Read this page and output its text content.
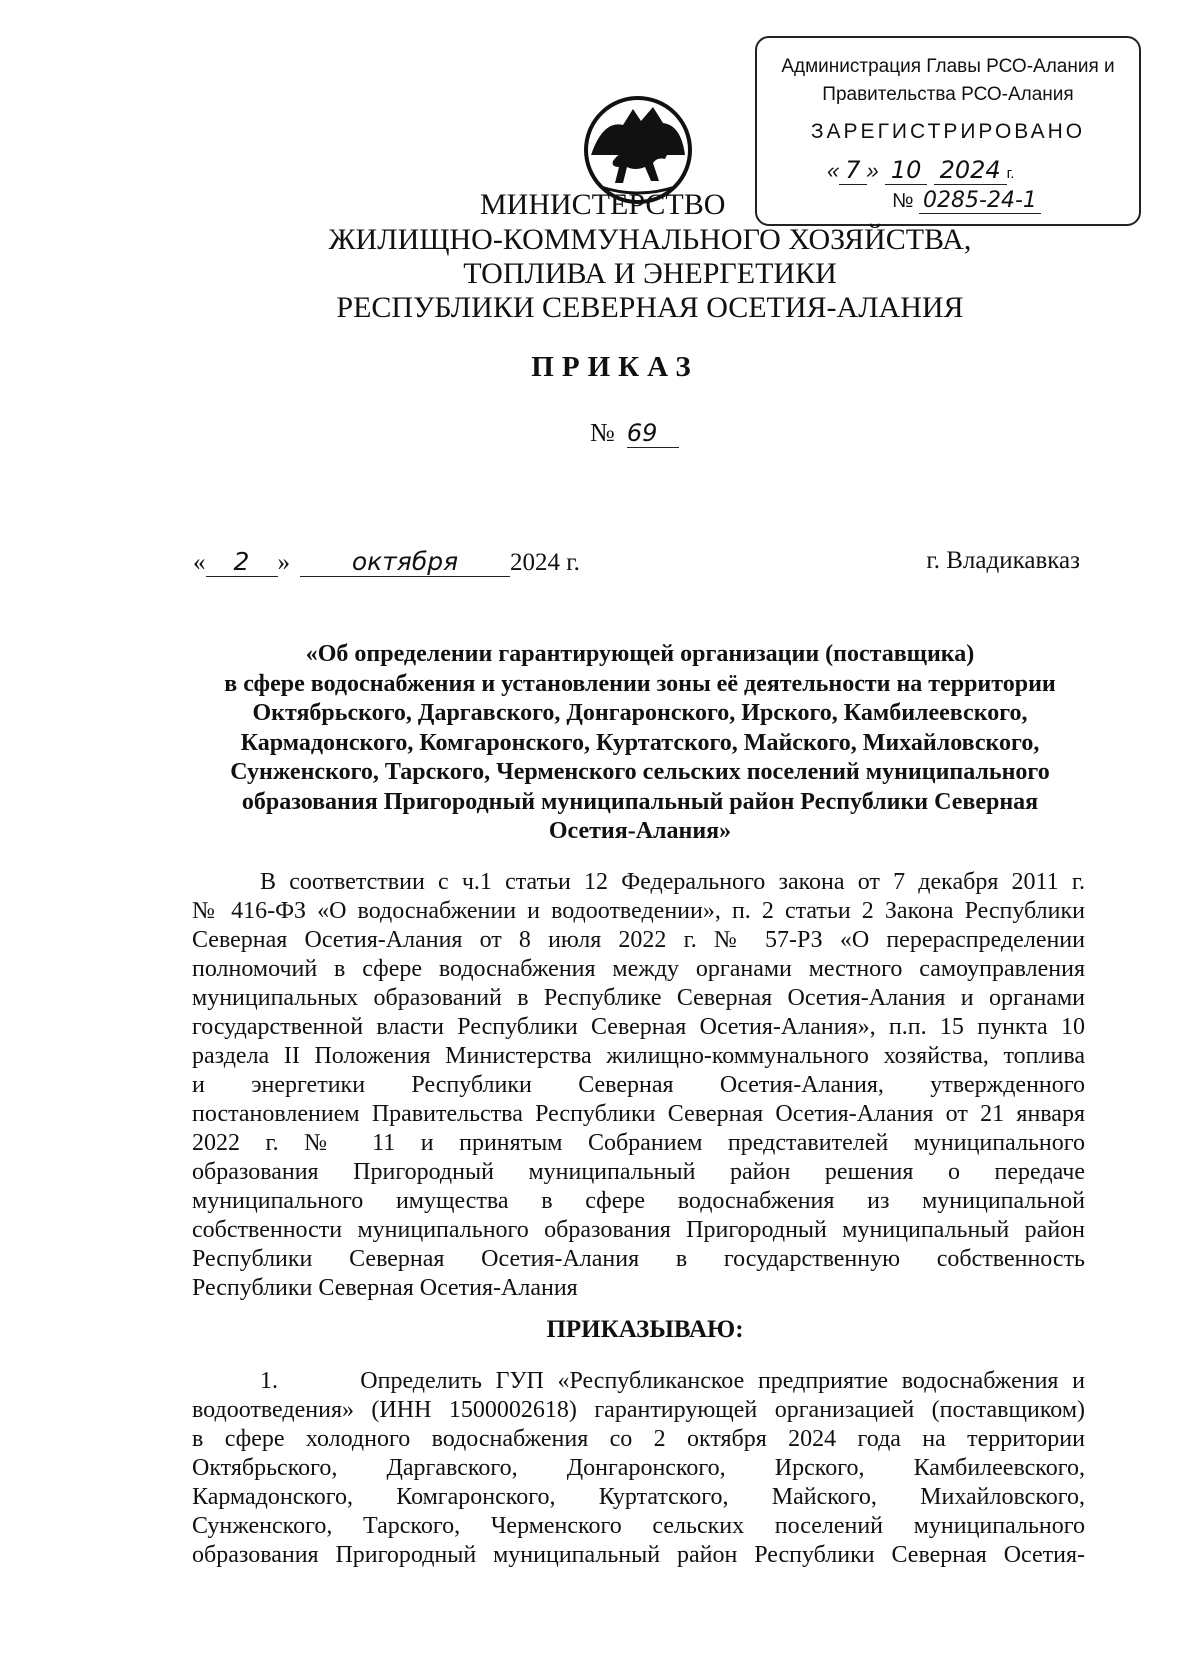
Администрация Главы РСО-Алания и
Правительства РСО-Алания
ЗАРЕГИСТРИРОВАНО
« 7 » 10 2024 г.
№ 0285-24-1
МИНИСТЕРСТВО
ЖИЛИЩНО-КОММУНАЛЬНОГО ХОЗЯЙСТВА,
ТОПЛИВА И ЭНЕРГЕТИКИ
РЕСПУБЛИКИ СЕВЕРНАЯ ОСЕТИЯ-АЛАНИЯ
ПРИКАЗ
№ 69
« 2 » октября 2024 г.	г. Владикавказ
«Об определении гарантирующей организации (поставщика)
в сфере водоснабжения и установлении зоны её деятельности на территории
Октябрьского, Даргавского, Донгаронского, Ирского, Камбилеевского,
Кармадонского, Комгаронского, Куртатского, Майского, Михайловского,
Сунженского, Тарского, Черменского сельских поселений муниципального
образования Пригородный муниципальный район Республики Северная
Осетия-Алания»
В соответствии с ч.1 статьи 12 Федерального закона от 7 декабря 2011 г.
№ 416-ФЗ «О водоснабжении и водоотведении», п. 2 статьи 2 Закона Республики
Северная Осетия-Алания от 8 июля 2022 г. № 57-РЗ «О перераспределении
полномочий в сфере водоснабжения между органами местного самоуправления
муниципальных образований в Республике Северная Осетия-Алания и органами
государственной власти Республики Северная Осетия-Алания», п.п. 15 пункта 10
раздела II Положения Министерства жилищно-коммунального хозяйства, топлива
и энергетики Республики Северная Осетия-Алания, утвержденного
постановлением Правительства Республики Северная Осетия-Алания от 21 января
2022 г. № 11 и принятым Собранием представителей муниципального
образования Пригородный муниципальный район решения о передаче
муниципального имущества в сфере водоснабжения из муниципальной
собственности муниципального образования Пригородный муниципальный район
Республики Северная Осетия-Алания в государственную собственность
Республики Северная Осетия-Алания
ПРИКАЗЫВАЮ:
1.	Определить ГУП «Республиканское предприятие водоснабжения и
водоотведения» (ИНН 1500002618) гарантирующей организацией (поставщиком)
в сфере холодного водоснабжения со 2 октября 2024 года на территории
Октябрьского, Даргавского, Донгаронского, Ирского, Камбилеевского,
Кармадонского, Комгаронского, Куртатского, Майского, Михайловского,
Сунженского, Тарского, Черменского сельских поселений муниципального
образования Пригородный муниципальный район Республики Северная Осетия-
